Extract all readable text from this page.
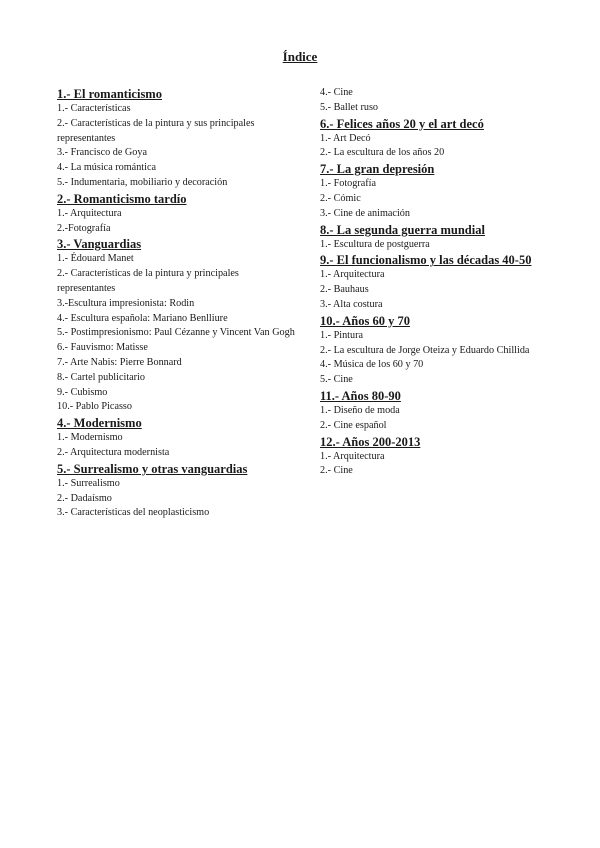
Índice

1.- El romanticismo

1.- Características

2.- Características de la pintura y sus principales representantes

3.- Francisco de Goya

4.- La música romántica

5.- Indumentaria, mobiliario y decoración

2.- Romanticismo tardío

1.- Arquitectura

2.-Fotografía

3.- Vanguardias

1.- Édouard Manet

2.- Características de la pintura y principales representantes

3.-Escultura impresionista: Rodin

4.- Escultura española: Mariano Benlliure

5.- Postimpresionismo: Paul Cézanne y Vincent Van Gogh

6.- Fauvismo: Matisse

7.- Arte Nabis: Pierre Bonnard

8.- Cartel publicitario

9.- Cubismo

10.- Pablo Picasso

4.- Modernismo

1.- Modernismo

2.- Arquitectura modernista

5.- Surrealismo y otras vanguardias

1.- Surrealismo

2.- Dadaísmo

3.- Características del neoplasticismo

4.- Cine

5.- Ballet ruso

6.- Felices años 20 y el art decó

1.- Art Decó

2.- La escultura de los años 20

7.- La gran depresión

1.- Fotografía

2.- Cómic

3.- Cine de animación

8.- La segunda guerra mundial

1.- Escultura de postguerra

9.- El funcionalismo y las décadas 40-50

1.- Arquitectura

2.- Bauhaus

3.- Alta costura

10.- Años 60 y 70

1.- Pintura

2.- La escultura de Jorge Oteiza y Eduardo Chillida

4.- Música de los 60 y 70

5.- Cine

11.- Años 80-90

1.- Diseño de moda

2.- Cine español

12.- Años 200-2013

1.- Arquitectura

2.- Cine
